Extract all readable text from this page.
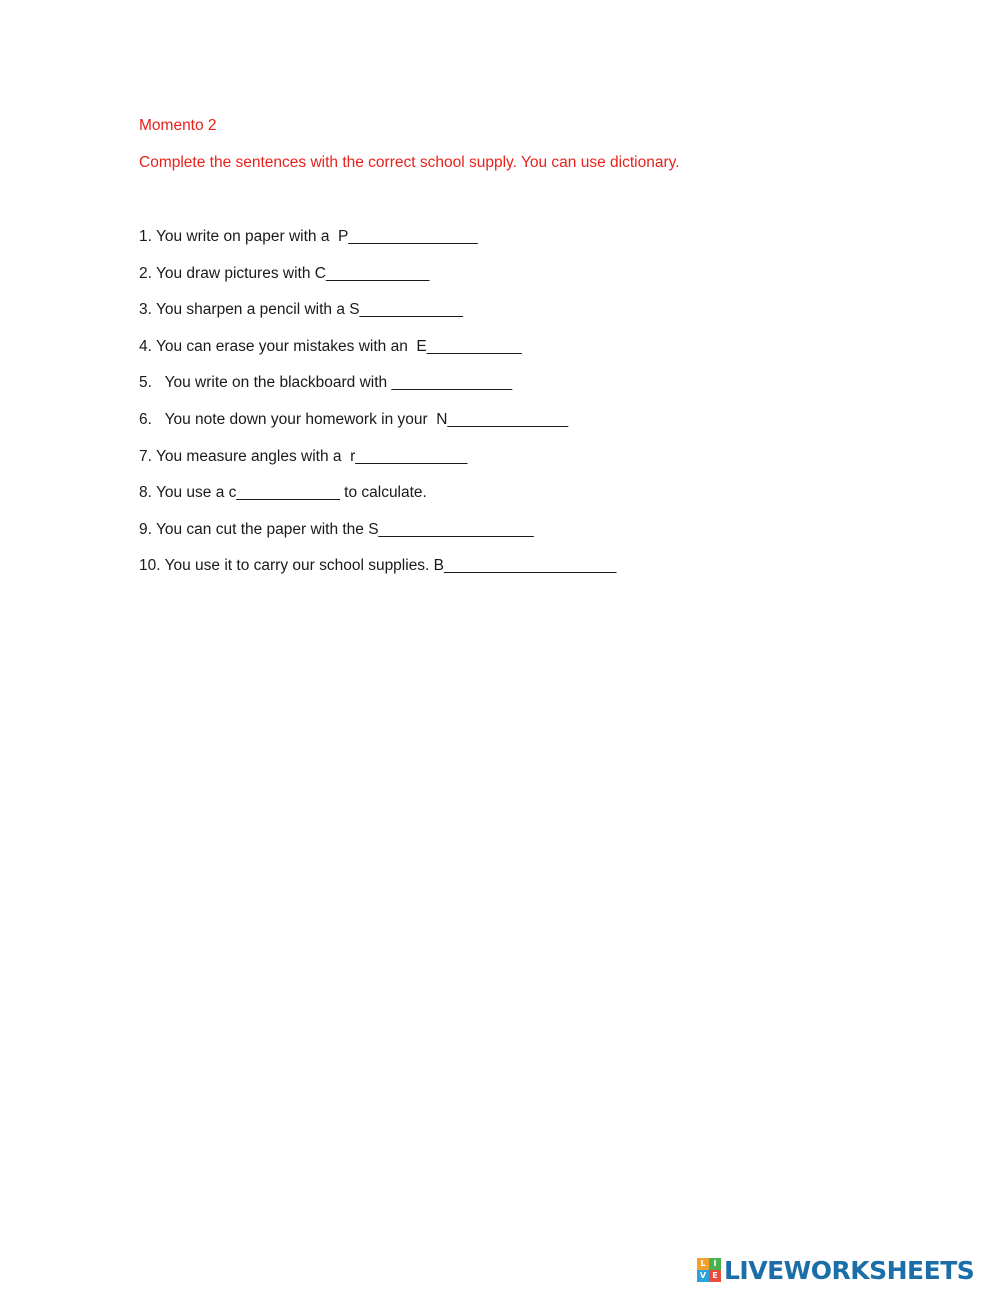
Momento 2
Complete the sentences with the correct school supply. You can use dictionary.
1. You write on paper with a  P_______________
2. You draw pictures with C____________
3. You sharpen a pencil with a S____________
4. You can erase your mistakes with an  E___________
5.   You write on the blackboard with ______________
6.   You note down your homework in your  N______________
7. You measure angles with a  r_____________
8. You use a c____________ to calculate.
9. You can cut the paper with the S__________________
10. You use it to carry our school supplies. B____________________
L I
V E LIVEWORKSHEETS
